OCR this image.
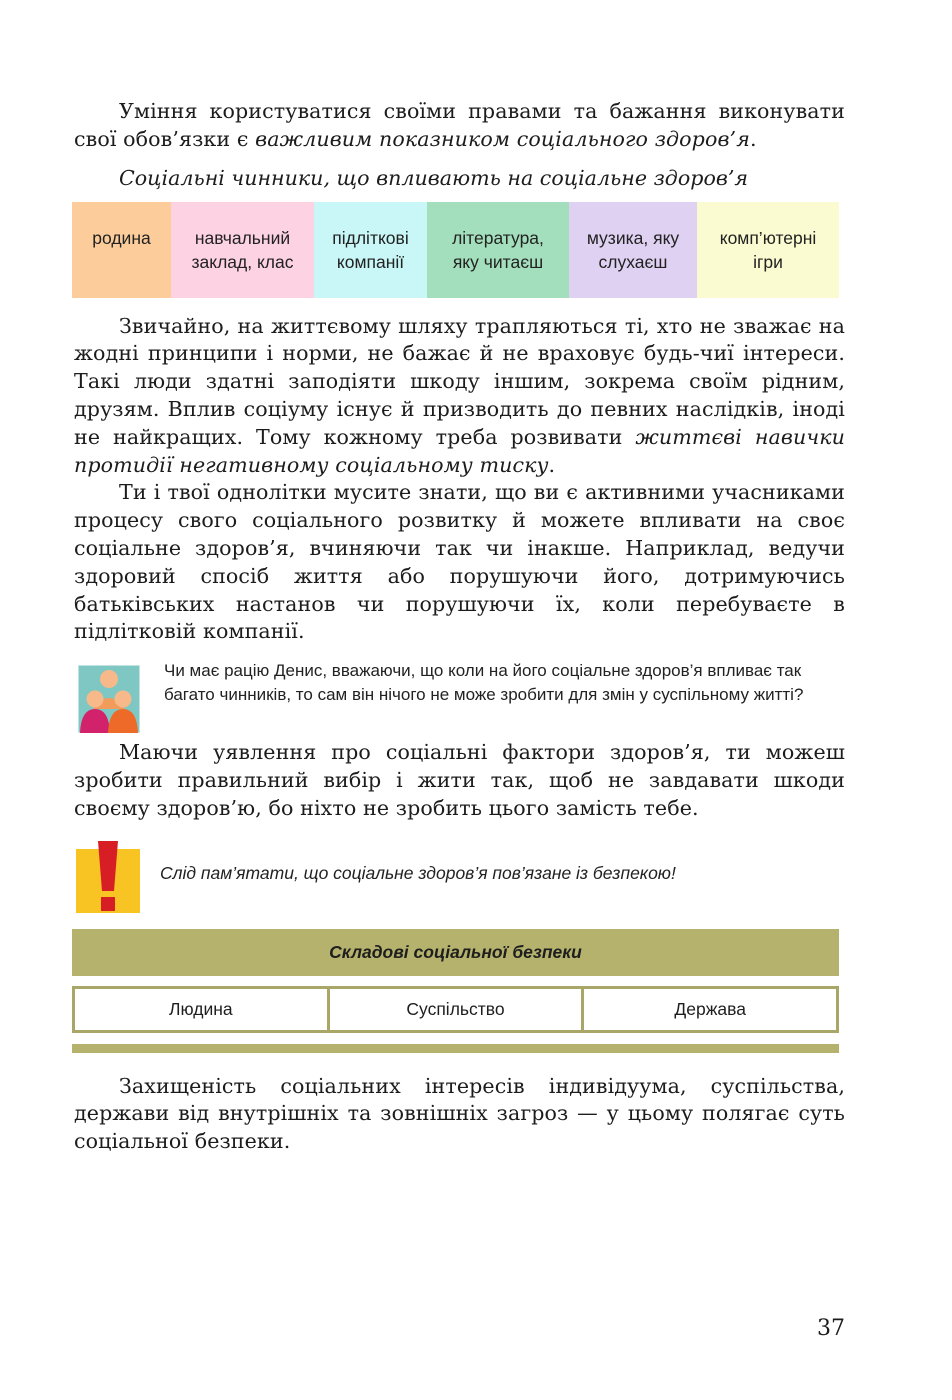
Уміння користуватися своїми правами та бажання виконувати свої обов’язки є важливим показником соціального здоров’я.

Соціальні чинники, що впливають на соціальне здоров’я

родина	навчальний
заклад, клас
підліткові
компанії
література,
яку читаєш
музика, яку
слухаєш
комп’ютерні
ігри

Звичайно, на життєвому шляху трапляються ті, хто не зважає на жодні принципи і норми, не бажає й не враховує будь-чиї інтереси. Такі люди здатні заподіяти шкоду іншим, зокрема своїм рідним, друзям. Вплив соціуму існує й призводить до певних наслідків, іноді не найкращих. Тому кожному треба розвивати життєві навички протидії негативному соціальному тиску.

Ти і твої однолітки мусите знати, що ви є активними учасниками процесу свого соціального розвитку й можете впливати на своє соціальне здоров’я, вчиняючи так чи інакше. Наприклад, ведучи здоровий спосіб життя або порушуючи його, дотримуючись батьківських настанов чи порушуючи їх, коли перебуваєте в підлітковій компанії.

Чи має рацію Денис, вважаючи, що коли на його соціальне здоров’я впливає так багато чинників, то сам він нічого не може зробити для змін у суспільному житті?

Маючи уявлення про соціальні фактори здоров’я, ти можеш зробити правильний вибір і жити так, щоб не завдавати шкоди своєму здоров’ю, бо ніхто не зробить цього замість тебе.

Слід пам’ятати, що соціальне здоров’я пов’язане із безпекою!

Складові соціальної безпеки
Людина	Суспільство	Держава

Захищеність соціальних інтересів індивідуума, суспільства, держави від внутрішніх та зовнішніх загроз — у цьому полягає суть соціальної безпеки.

37
